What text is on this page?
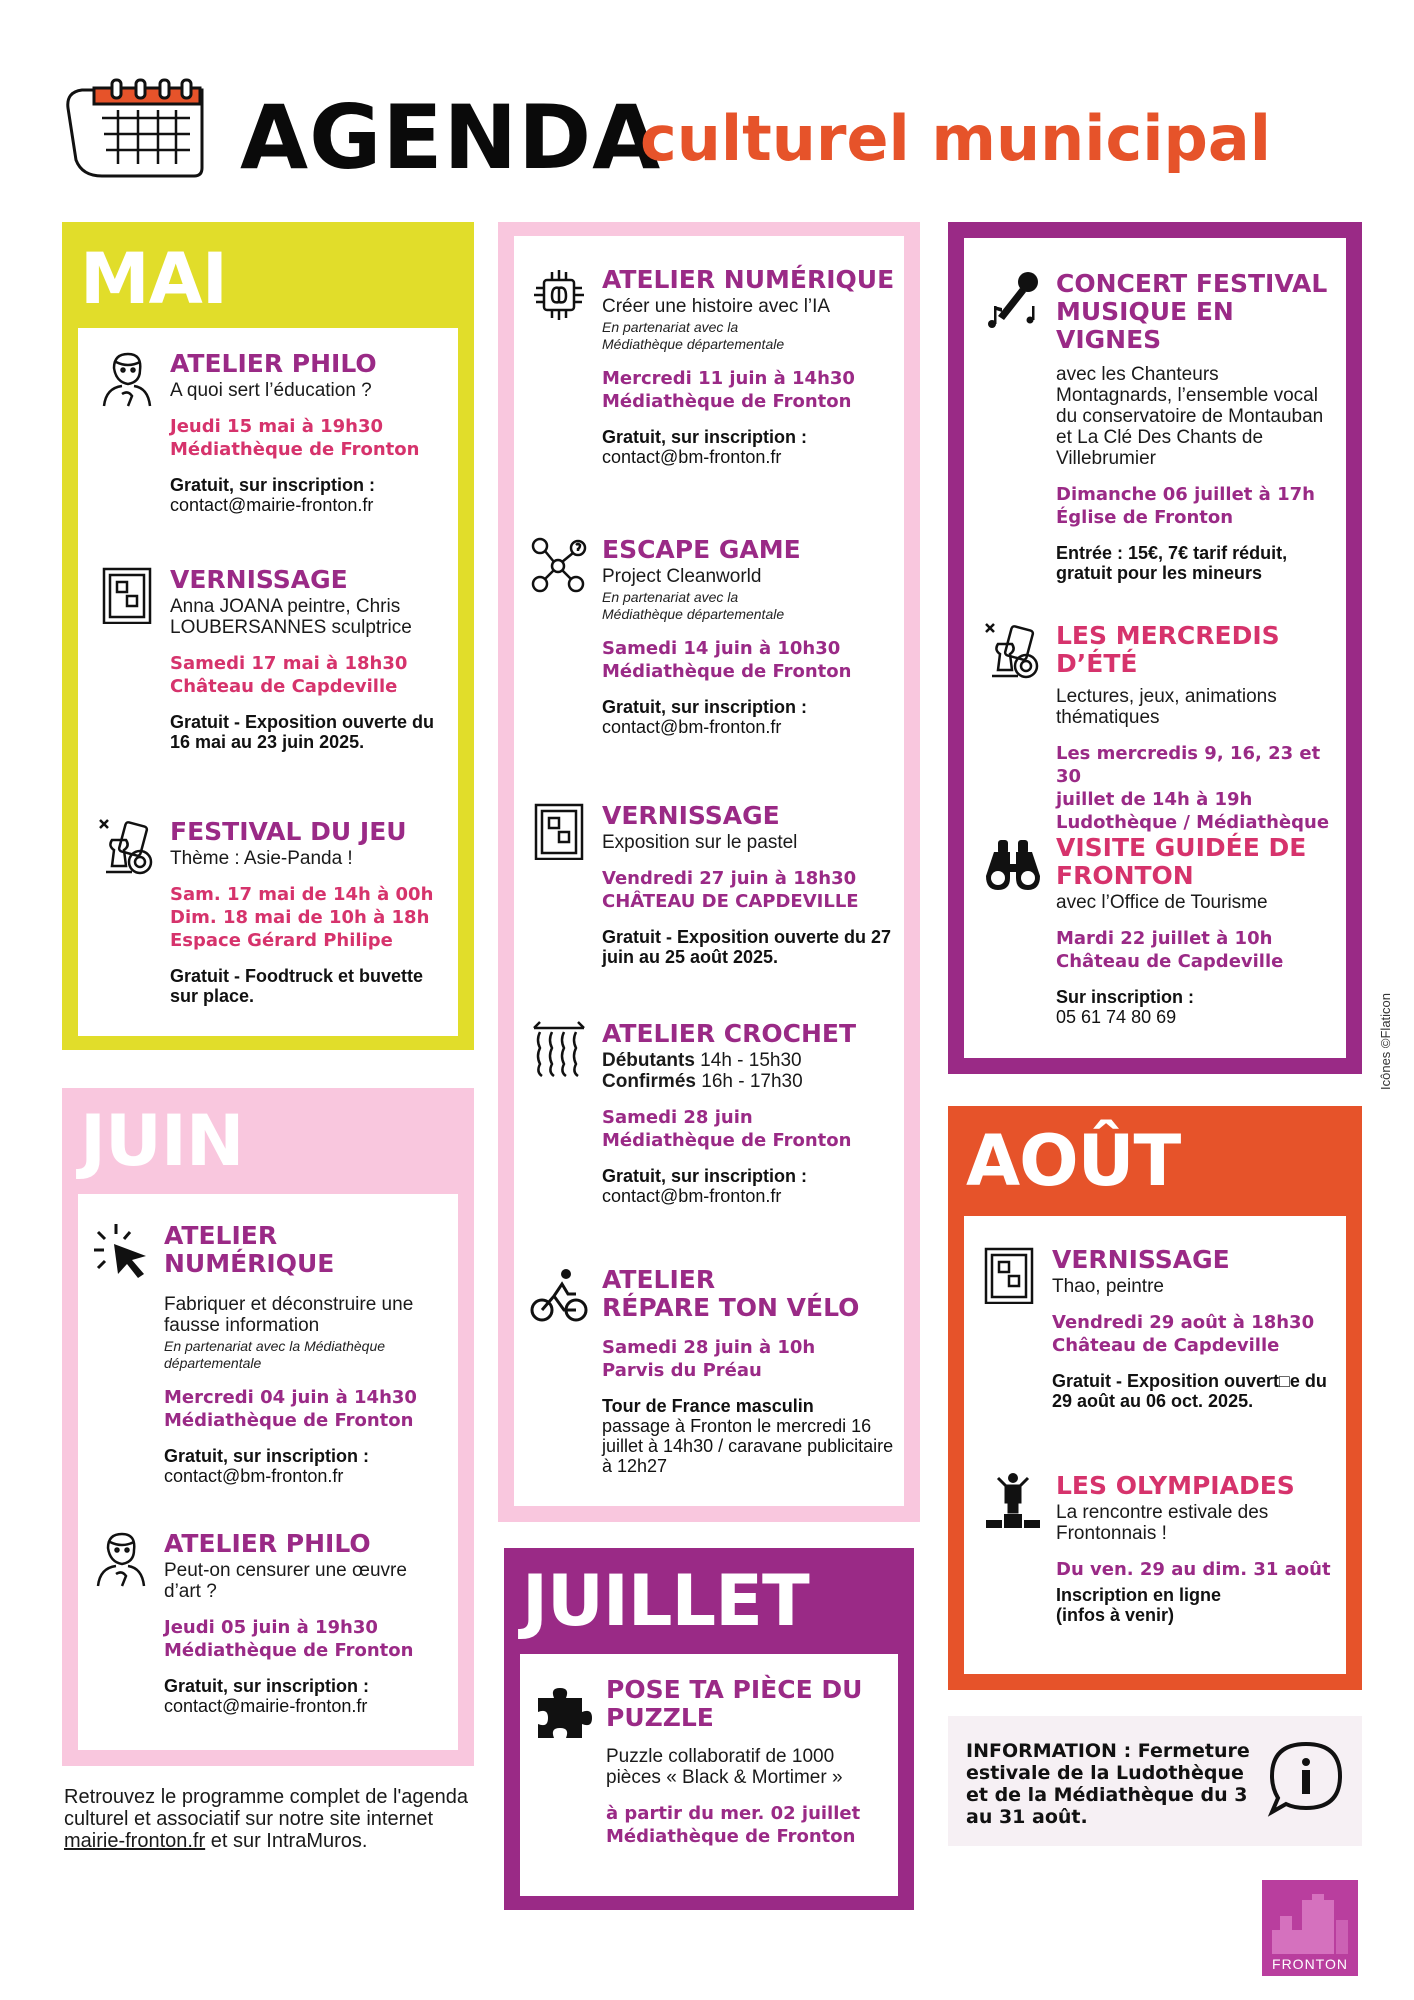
AGENDA
culturel municipal
MAI
ATELIER PHILO
A quoi sert l’éducation ?
Jeudi 15 mai à 19h30
Médiathèque de Fronton
Gratuit, sur inscription :
contact@mairie-fronton.fr
VERNISSAGE
Anna JOANA peintre, Chris LOUBERSANNES sculptrice
Samedi 17 mai à 18h30
Château de Capdeville
Gratuit - Exposition ouverte du 16 mai au 23 juin 2025.
FESTIVAL DU JEU
Thème : Asie-Panda !
Sam. 17 mai de 14h à 00h
Dim. 18 mai de 10h à 18h
Espace Gérard Philipe
Gratuit - Foodtruck et buvette sur place.
JUIN
ATELIER
NUMÉRIQUE
Fabriquer et déconstruire une fausse information
En partenariat avec la Médiathèque départementale
Mercredi 04 juin à 14h30
Médiathèque de Fronton
Gratuit, sur inscription :
contact@bm-fronton.fr
ATELIER PHILO
Peut-on censurer une œuvre d’art ?
Jeudi 05 juin à 19h30
Médiathèque de Fronton
Gratuit, sur inscription :
contact@mairie-fronton.fr
ATELIER NUMÉRIQUE
Créer une histoire avec l’IA
En partenariat avec la Médiathèque départementale
Mercredi 11 juin à 14h30
Médiathèque de Fronton
Gratuit, sur inscription :
contact@bm-fronton.fr
ESCAPE GAME
Project Cleanworld
En partenariat avec la Médiathèque départementale
Samedi 14 juin à 10h30
Médiathèque de Fronton
Gratuit, sur inscription :
contact@bm-fronton.fr
VERNISSAGE
Exposition sur le pastel
Vendredi 27 juin à 18h30
CHÂTEAU DE CAPDEVILLE
Gratuit - Exposition ouverte du 27 juin au 25 août 2025.
ATELIER CROCHET
Débutants 14h - 15h30
Confirmés 16h - 17h30
Samedi 28 juin
Médiathèque de Fronton
Gratuit, sur inscription :
contact@bm-fronton.fr
ATELIER
RÉPARE TON VÉLO
Samedi 28 juin à 10h
Parvis du Préau
Tour de France masculin
passage à Fronton le mercredi 16 juillet à 14h30 / caravane publicitaire à 12h27
JUILLET
POSE TA PIÈCE DU
PUZZLE
Puzzle collaboratif de 1000 pièces « Black & Mortimer »
à partir du mer. 02 juillet
Médiathèque de Fronton
CONCERT FESTIVAL
MUSIQUE EN VIGNES
avec les Chanteurs Montagnards, l’ensemble vocal du conservatoire de Montauban et La Clé Des Chants de Villebrumier
Dimanche 06 juillet à 17h
Église de Fronton
Entrée : 15€, 7€ tarif réduit, gratuit pour les mineurs
LES MERCREDIS D’ÉTÉ
Lectures, jeux, animations thématiques
Les mercredis 9, 16, 23 et 30
juillet de 14h à 19h
Ludothèque / Médiathèque
VISITE GUIDÉE DE
FRONTON
avec l’Office de Tourisme
Mardi 22 juillet à 10h
Château de Capdeville
Sur inscription :
05 61 74 80 69
AOÛT
VERNISSAGE
Thao, peintre
Vendredi 29 août à 18h30
Château de Capdeville
Gratuit - Exposition ouvert□e du 29 août au 06 oct. 2025.
LES OLYMPIADES
La rencontre estivale des Frontonnais !
Du ven. 29 au dim. 31 août
Inscription en ligne (infos à venir)
INFORMATION : Fermeture estivale de la Ludothèque et de la Médiathèque du 3 au 31 août.
Retrouvez le programme complet de l'agenda culturel et associatif sur notre site internet mairie-fronton.fr et sur IntraMuros.
Icônes ©Flaticon
FRONTON
